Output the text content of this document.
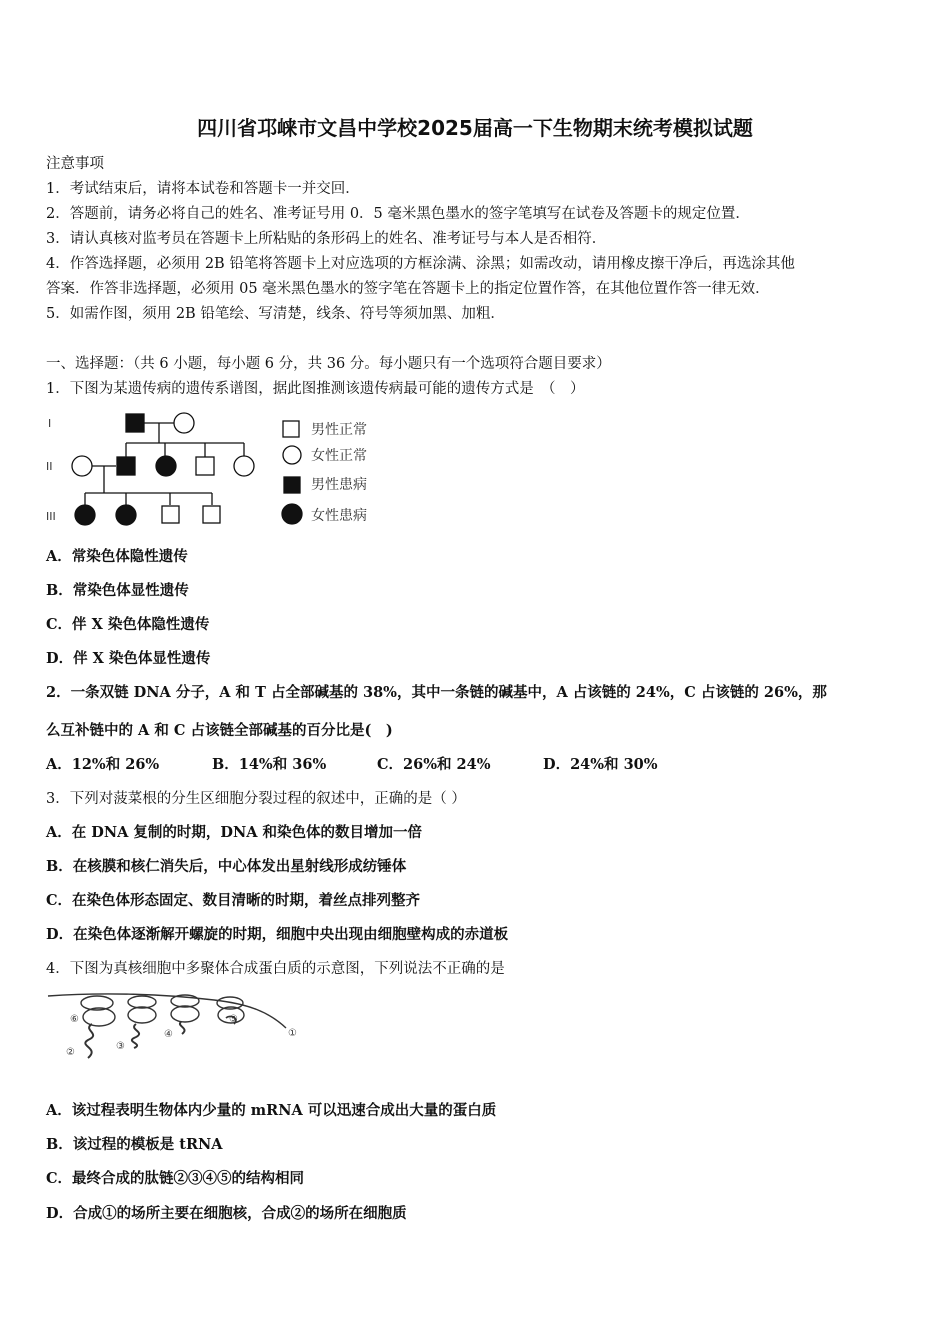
四川省邛崃市文昌中学校2025届高一下生物期末统考模拟试题
注意事项
1．考试结束后，请将本试卷和答题卡一并交回．
2．答题前，请务必将自己的姓名、准考证号用 0．5 毫米黑色墨水的签字笔填写在试卷及答题卡的规定位置．
3．请认真核对监考员在答题卡上所粘贴的条形码上的姓名、准考证号与本人是否相符．
4．作答选择题，必须用 2B 铅笔将答题卡上对应选项的方框涂满、涂黑；如需改动，请用橡皮擦干净后，再选涂其他
答案．作答非选择题，必须用 05 毫米黑色墨水的签字笔在答题卡上的指定位置作答，在其他位置作答一律无效．
5．如需作图，须用 2B 铅笔绘、写清楚，线条、符号等须加黑、加粗．
一、选择题：（共 6 小题，每小题 6 分，共 36 分。每小题只有一个选项符合题目要求）
1．下图为某遗传病的遗传系谱图，据此图推测该遗传病最可能的遗传方式是　（　）
I
II
III
男性正常
女性正常
男性患病
女性患病
A．常染色体隐性遗传
B．常染色体显性遗传
C．伴 X 染色体隐性遗传
D．伴 X 染色体显性遗传
2．一条双链 DNA 分子，A 和 T 占全部碱基的 38%，其中一条链的碱基中，A 占该链的 24%，C 占该链的 26%，那
么互补链中的 A 和 C 占该链全部碱基的百分比是(　)
A．12%和 26%	B．14%和 36%	C．26%和 24%	D．24%和 30%
3．下列对菠菜根的分生区细胞分裂过程的叙述中，正确的是（ ）
A．在 DNA 复制的时期，DNA 和染色体的数目增加一倍
B．在核膜和核仁消失后，中心体发出星射线形成纺锤体
C．在染色体形态固定、数目清晰的时期，着丝点排列整齐
D．在染色体逐渐解开螺旋的时期，细胞中央出现由细胞壁构成的赤道板
4．下图为真核细胞中多聚体合成蛋白质的示意图，下列说法不正确的是
⑥
②
③
④
⑤
①
A．该过程表明生物体内少量的 mRNA 可以迅速合成出大量的蛋白质
B．该过程的模板是 tRNA
C．最终合成的肽链②③④⑤的结构相同
D．合成①的场所主要在细胞核，合成②的场所在细胞质
